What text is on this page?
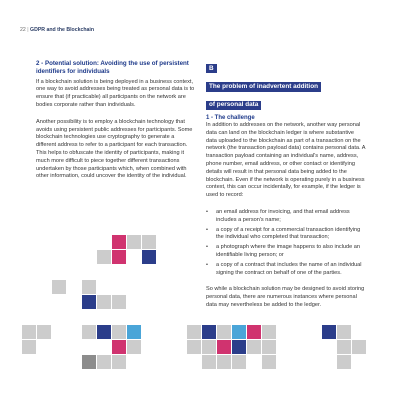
22 | GDPR and the Blockchain
2 - Potential solution: Avoiding the use of persistent identifiers for individuals

If a blockchain solution is being deployed in a business context, one way to avoid addresses being treated as personal data is to ensure that (if practicable) all participants on the network are bodies corporate rather than individuals.

Another possibility is to employ a blockchain technology that avoids using persistent public addresses for participants. Some blockchain technologies use cryptography to generate a different address to refer to a participant for each transaction. This helps to obfuscate the identity of participants, making it much more difficult to piece together different transactions undertaken by those participants which, when combined with other information, could uncover the identity of the individual.

B
The problem of inadvertent addition
of personal data
1 - The challenge

In addition to addresses on the network, another way personal data can land on the blockchain ledger is where substantive data uploaded to the blockchain as part of a transaction on the network (the transaction payload data) contains personal data. A transaction payload containing an individual's name, address, phone number, email address, or other contact or identifying details will result in that personal data being added to the blockchain. Even if the network is operating purely in a business context, this can occur incidentally, for example, if the ledger is used to record:

• an email address for invoicing, and that email address includes a person's name;
• a copy of a receipt for a commercial transaction identifying the individual who completed that transaction;
• a photograph where the image happens to also include an identifiable living person; or
• a copy of a contract that includes the name of an individual signing the contract on behalf of one of the parties.

So while a blockchain solution may be designed to avoid storing personal data, there are numerous instances where personal data may nevertheless be added to the ledger.
